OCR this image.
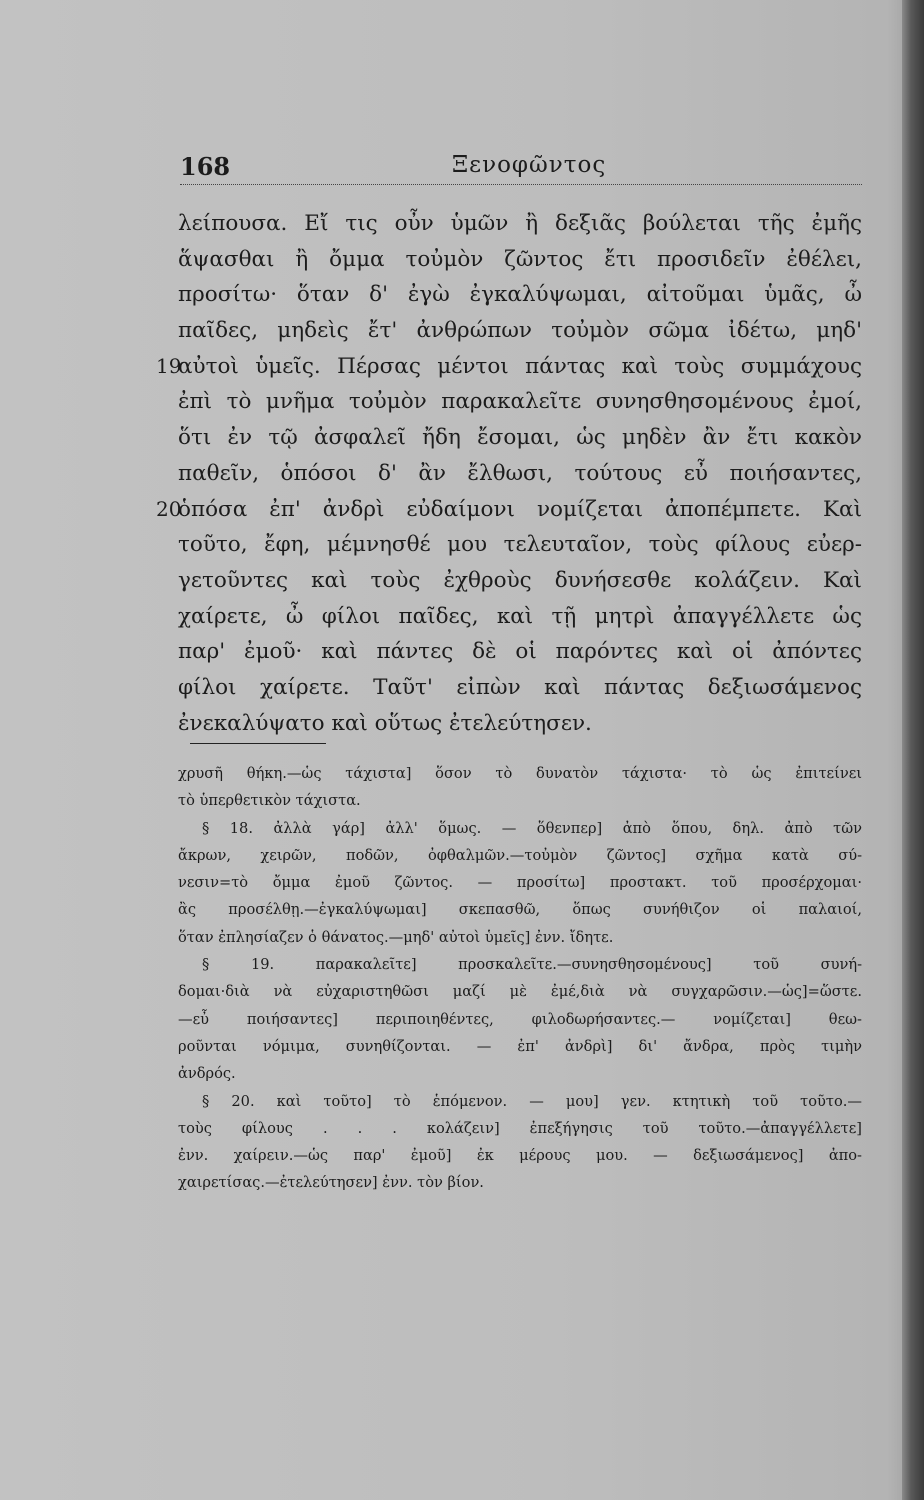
168	Ξενοφῶντος
λείπουσα. Εἴ τις οὖν ὑμῶν ἢ δεξιᾶς βούλεται τῆς ἐμῆς
ἅψασθαι ἢ ὄμμα τοὐμὸν ζῶντος ἔτι προσιδεῖν ἐθέλει,
προσίτω· ὅταν δ' ἐγὼ ἐγκαλύψωμαι, αἰτοῦμαι ὑμᾶς, ὦ
παῖδες, μηδεὶς ἔτ' ἀνθρώπων τοὐμὸν σῶμα ἰδέτω, μηδ'
19
αὐτοὶ ὑμεῖς. Πέρσας μέντοι πάντας καὶ τοὺς συμμάχους
ἐπὶ τὸ μνῆμα τοὐμὸν παρακαλεῖτε συνησθησομένους ἐμοί,
ὅτι ἐν τῷ ἀσφαλεῖ ἤδη ἔσομαι, ὡς μηδὲν ἂν ἔτι κακὸν
παθεῖν, ὁπόσοι δ' ἂν ἔλθωσι, τούτους εὖ ποιήσαντες,
20
ὁπόσα ἐπ' ἀνδρὶ εὐδαίμονι νομίζεται ἀποπέμπετε. Καὶ
τοῦτο, ἔφη, μέμνησθέ μου τελευταῖον, τοὺς φίλους εὐερ-
γετοῦντες καὶ τοὺς ἐχθροὺς δυνήσεσθε κολάζειν. Καὶ
χαίρετε, ὦ φίλοι παῖδες, καὶ τῇ μητρὶ ἀπαγγέλλετε ὡς
παρ' ἐμοῦ· καὶ πάντες δὲ οἱ παρόντες καὶ οἱ ἀπόντες
φίλοι χαίρετε. Ταῦτ' εἰπὼν καὶ πάντας δεξιωσάμενος
ἐνεκαλύψατο καὶ οὕτως ἐτελεύτησεν.
χρυσῆ θήκη.—ὡς τάχιστα] ὅσον τὸ δυνατὸν τάχιστα· τὸ ὡς ἐπιτείνει
τὸ ὑπερθετικὸν τάχιστα.
§ 18. ἀλλὰ γάρ] ἀλλ' ὅμως. — ὅθενπερ] ἀπὸ ὅπου, δηλ. ἀπὸ τῶν
ἄκρων, χειρῶν, ποδῶν, ὀφθαλμῶν.—τοὐμὸν ζῶντος] σχῆμα κατὰ σύ-
νεσιν=τὸ ὄμμα ἐμοῦ ζῶντος. — προσίτω] προστακτ. τοῦ προσέρχομαι·
ἂς προσέλθῃ.—ἐγκαλύψωμαι] σκεπασθῶ, ὅπως συνήθιζον οἱ παλαιοί,
ὅταν ἐπλησίαζεν ὁ θάνατος.—μηδ' αὐτοὶ ὑμεῖς] ἐνν. ἴδητε.
§ 19. παρακαλεῖτε] προσκαλεῖτε.—συνησθησομένους] τοῦ συνή-
δομαι·διὰ νὰ εὐχαριστηθῶσι μαζί μὲ ἐμέ,διὰ νὰ συγχαρῶσιν.—ὡς]=ὥστε.
—εὖ ποιήσαντες] περιποιηθέντες, φιλοδωρήσαντες.— νομίζεται] θεω-
ροῦνται νόμιμα, συνηθίζονται. — ἐπ' ἀνδρὶ] δι' ἄνδρα, πρὸς τιμὴν
ἀνδρός.
§ 20. καὶ τοῦτο] τὸ ἑπόμενον. — μου] γεν. κτητικὴ τοῦ τοῦτο.—
τοὺς φίλους . . . κολάζειν] ἐπεξήγησις τοῦ τοῦτο.—ἀπαγγέλλετε]
ἐνν. χαίρειν.—ὡς παρ' ἐμοῦ] ἐκ μέρους μου. — δεξιωσάμενος] ἀπο-
χαιρετίσας.—ἐτελεύτησεν] ἐνν. τὸν βίον.
